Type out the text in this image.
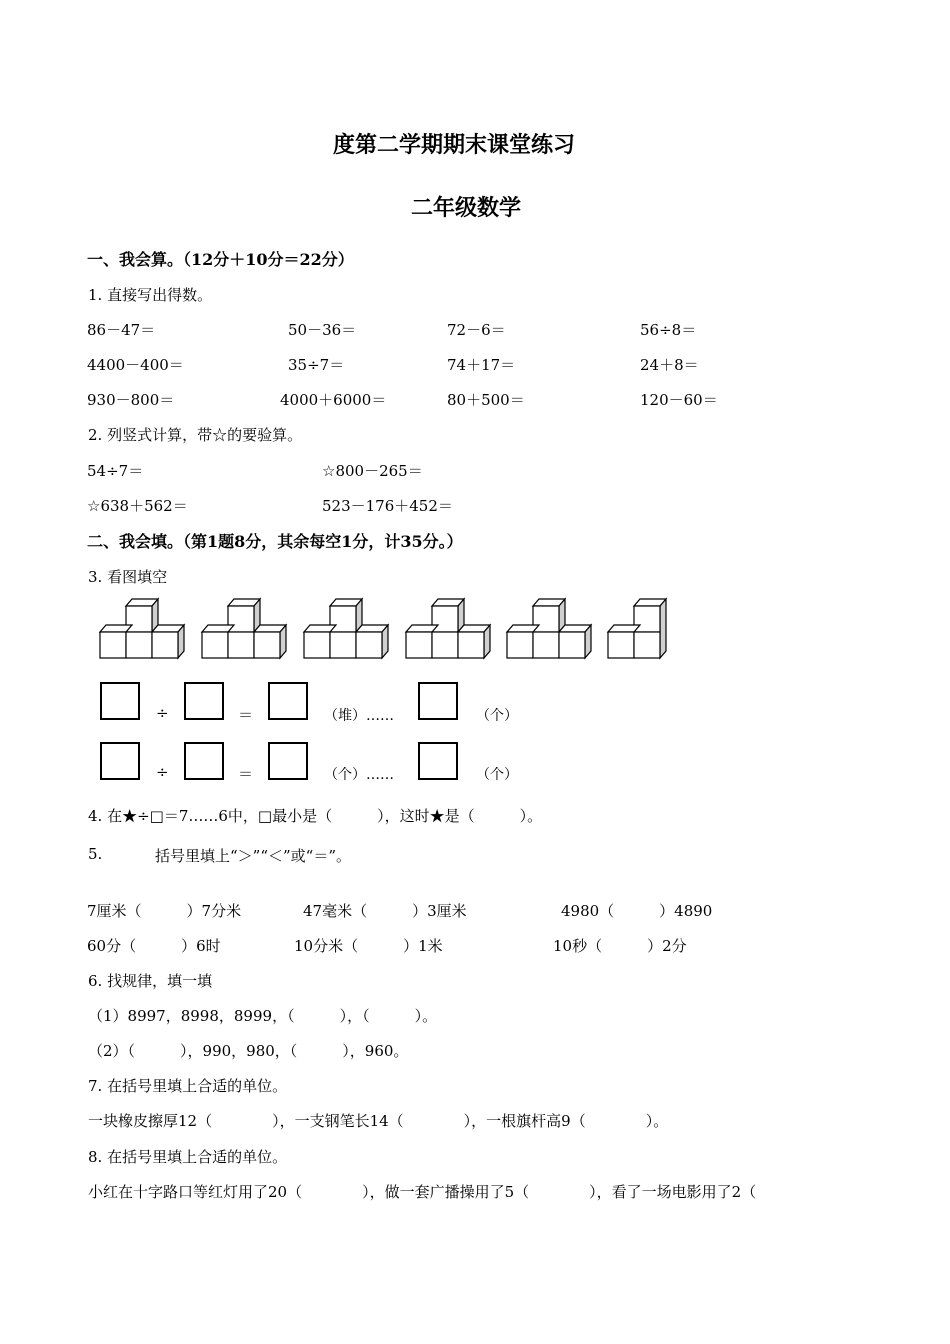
度第二学期期末课堂练习
二年级数学
一、我会算。（12分＋10分＝22分）
1. 直接写出得数。
86－47＝	50－36＝	72－6＝	56÷8＝
4400－400＝	35÷7＝	74＋17＝	24＋8＝
930－800＝	4000＋6000＝	80＋500＝	120－60＝
2. 列竖式计算，带☆的要验算。
54÷7＝	☆800－265＝
☆638＋562＝	523－176＋452＝
二、我会填。（第1题8分，其余每空1分，计35分。）
3. 看图填空
÷	＝	（堆）……	（个）
÷	＝	（个）……	（个）
4. 在★÷□＝7……6中，□最小是（　　　），这时★是（　　　）。
5.	括号里填上“＞”“＜”或“＝”。
7厘米（　　　）7分米	47毫米（　　　）3厘米	4980（　　　）4890
60分（　　　）6时	10分米（　　　）1米	10秒（　　　）2分
6. 找规律，填一填
（1）8997，8998，8999，（　　　），（　　　）。
（2）（　　　），990，980，（　　　），960。
7. 在括号里填上合适的单位。
一块橡皮擦厚12（　　　　），一支钢笔长14（　　　　），一根旗杆高9（　　　　）。
8. 在括号里填上合适的单位。
小红在十字路口等红灯用了20（　　　　），做一套广播操用了5（　　　　），看了一场电影用了2（
